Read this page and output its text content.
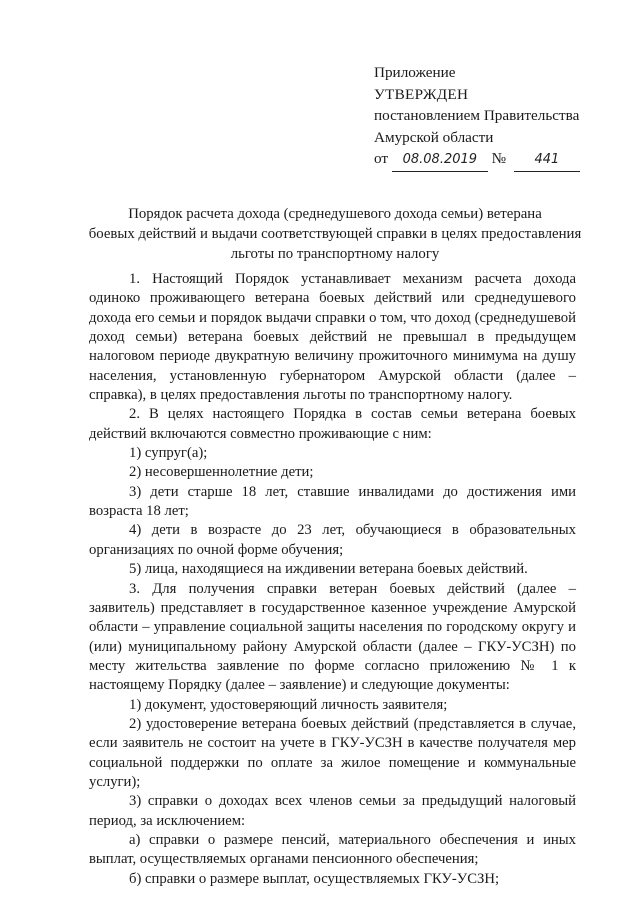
Приложение
УТВЕРЖДЕН
постановлением Правительства
Амурской области
от 08.08.2019 № 441
Порядок расчета дохода (среднедушевого дохода семьи) ветерана
боевых действий и выдачи соответствующей справки в целях предоставления
льготы по транспортному налогу

1. Настоящий Порядок устанавливает механизм расчета дохода одиноко проживающего ветерана боевых действий или среднедушевого дохода его семьи и порядок выдачи справки о том, что доход (среднедушевой доход семьи) ветерана боевых действий не превышал в предыдущем налоговом периоде двукратную величину прожиточного минимума на душу населения, установленную губернатором Амурской области (далее – справка), в целях предоставления льготы по транспортному налогу.

2. В целях настоящего Порядка в состав семьи ветерана боевых действий включаются совместно проживающие с ним:

1) супруг(а);

2) несовершеннолетние дети;

3) дети старше 18 лет, ставшие инвалидами до достижения ими возраста 18 лет;

4) дети в возрасте до 23 лет, обучающиеся в образовательных организациях по очной форме обучения;

5) лица, находящиеся на иждивении ветерана боевых действий.

3. Для получения справки ветеран боевых действий (далее – заявитель) представляет в государственное казенное учреждение Амурской области – управление социальной защиты населения по городскому округу и (или) муниципальному району Амурской области (далее – ГКУ-УСЗН) по месту жительства заявление по форме согласно приложению № 1 к настоящему Порядку (далее – заявление) и следующие документы:

1) документ, удостоверяющий личность заявителя;

2) удостоверение ветерана боевых действий (представляется в случае, если заявитель не состоит на учете в ГКУ-УСЗН в качестве получателя мер социальной поддержки по оплате за жилое помещение и коммунальные услуги);

3) справки о доходах всех членов семьи за предыдущий налоговый период, за исключением:

а) справки о размере пенсий, материального обеспечения и иных выплат, осуществляемых органами пенсионного обеспечения;

б) справки о размере выплат, осуществляемых ГКУ-УСЗН;
